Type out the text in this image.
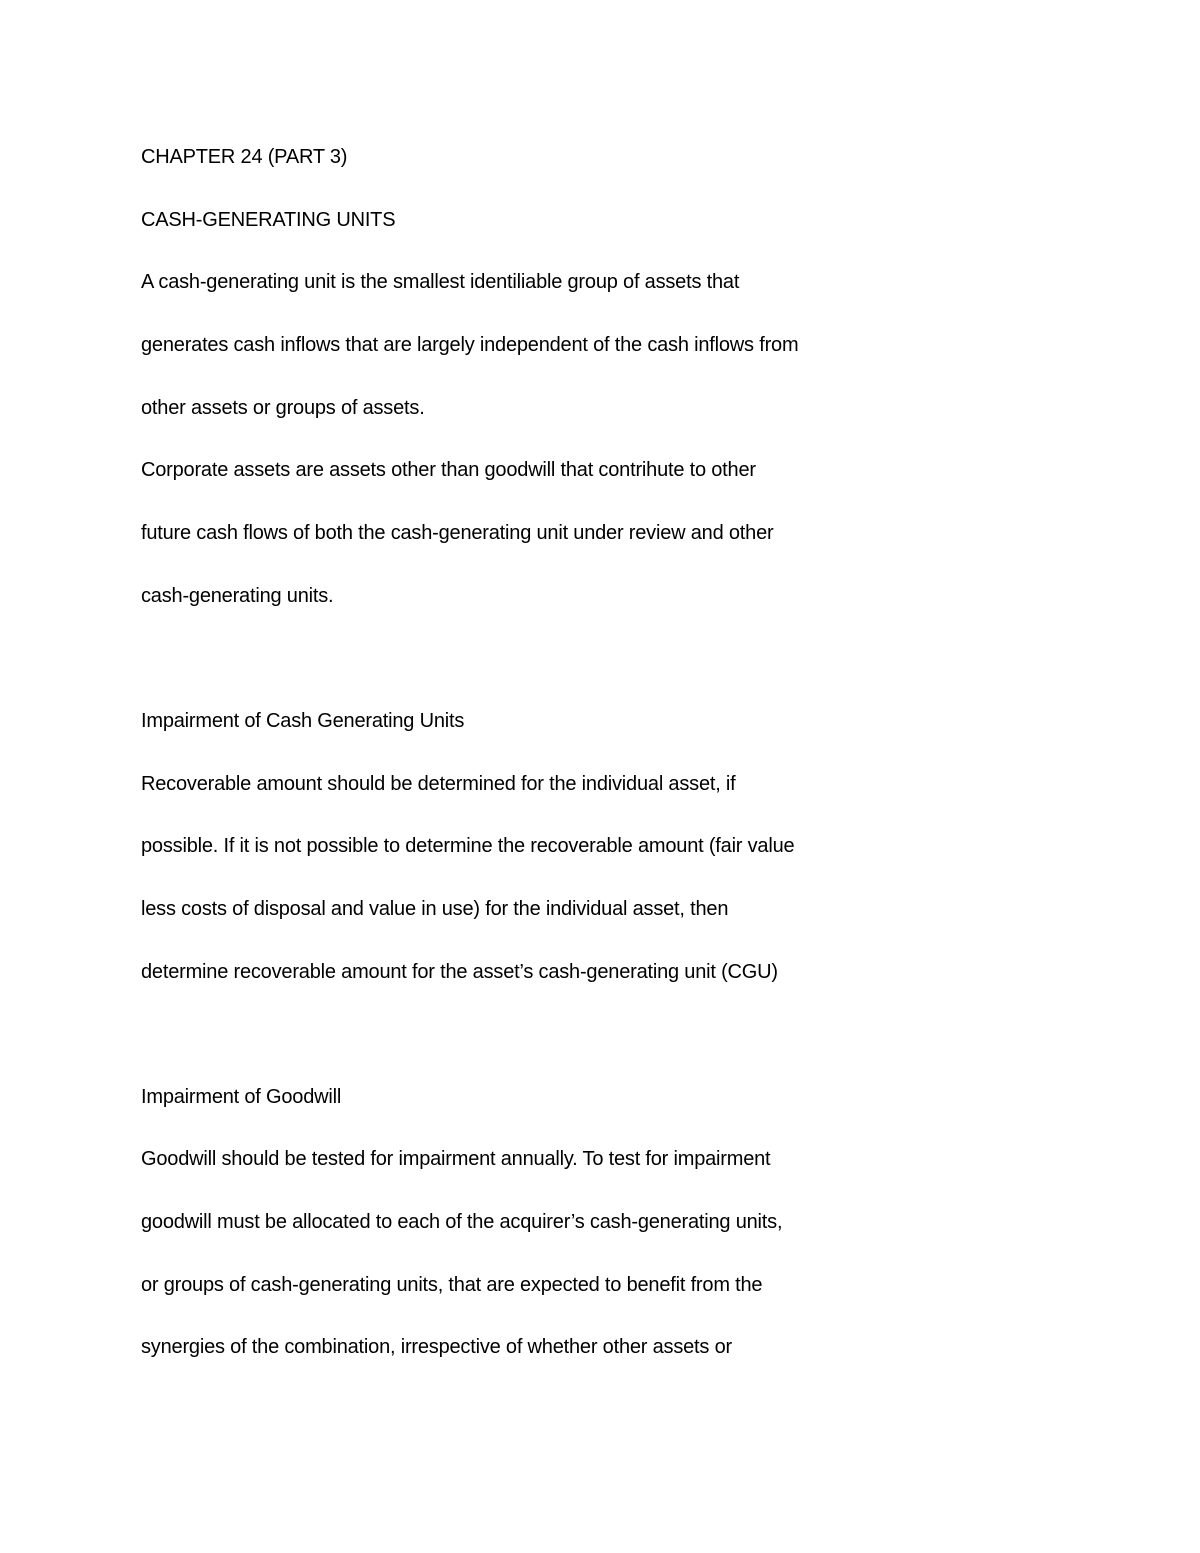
CHAPTER 24 (PART 3)
CASH-GENERATING UNITS
A cash-generating unit is the smallest identiliable group of assets that
generates cash inflows that are largely independent of the cash inflows from
other assets or groups of assets.
Corporate assets are assets other than goodwill that contrihute to other
future cash flows of both the cash-generating unit under review and other
cash-generating units.
Impairment of Cash Generating Units
Recoverable amount should be determined for the individual asset, if
possible. If it is not possible to determine the recoverable amount (fair value
less costs of disposal and value in use) for the individual asset, then
determine recoverable amount for the asset’s cash-generating unit (CGU)
Impairment of Goodwill
Goodwill should be tested for impairment annually. To test for impairment
goodwill must be allocated to each of the acquirer’s cash-generating units,
or groups of cash-generating units, that are expected to benefit from the
synergies of the combination, irrespective of whether other assets or
